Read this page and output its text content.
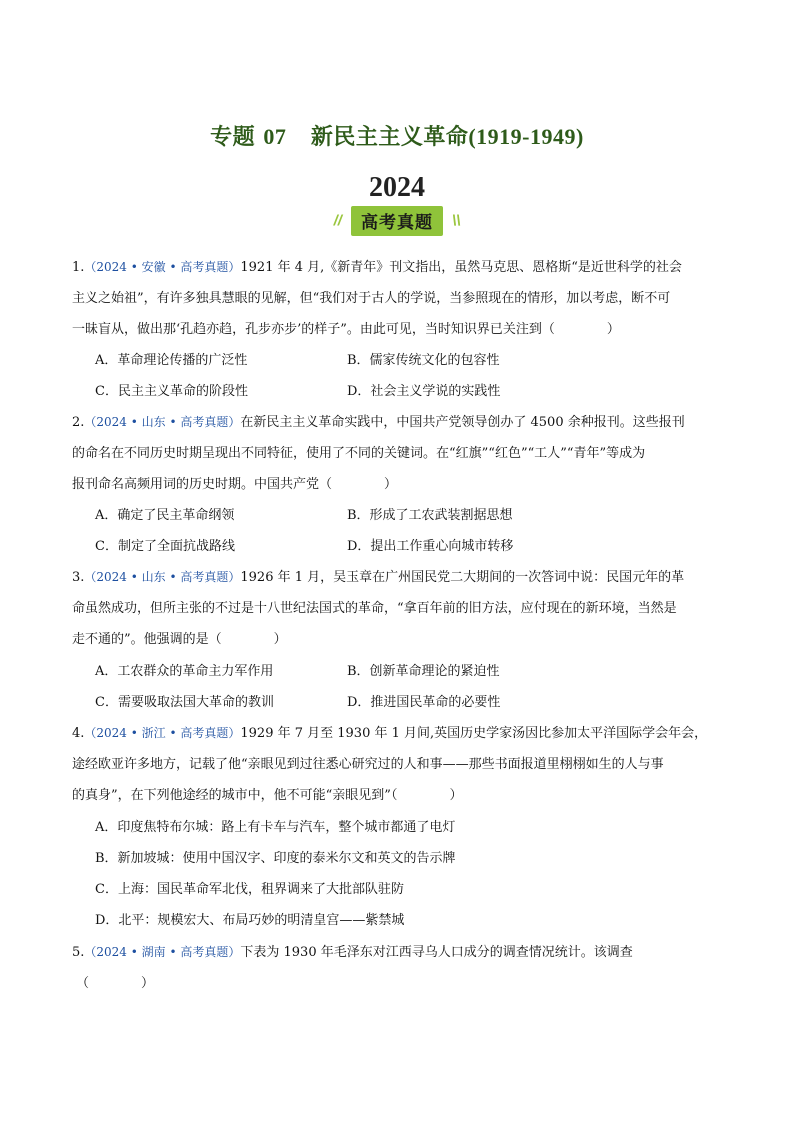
专题 07 新民主主义革命(1919-1949)
2024
// 高考真题 \\
1.（2024 • 安徽 • 高考真题）1921 年 4 月,《新青年》刊文指出，虽然马克思、恩格斯“是近世科学的社会
主义之始祖”，有许多独具慧眼的见解，但“我们对于古人的学说，当参照现在的情形，加以考虑，断不可
一昧盲从，做出那‘孔趋亦趋，孔步亦步’的样子”。由此可见，当时知识界已关注到（　　　　）
A．革命理论传播的广泛性	B．儒家传统文化的包容性
C．民主主义革命的阶段性	D．社会主义学说的实践性
2.（2024 • 山东 • 高考真题）在新民主主义革命实践中，中国共产党领导创办了 4500 余种报刊。这些报刊
的命名在不同历史时期呈现出不同特征，使用了不同的关键词。在“红旗”“红色”“工人”“青年”等成为
报刊命名高频用词的历史时期。中国共产党（　　　　）
A．确定了民主革命纲领	B．形成了工农武装割据思想
C．制定了全面抗战路线	D．提出工作重心向城市转移
3.（2024 • 山东 • 高考真题）1926 年 1 月，吴玉章在广州国民党二大期间的一次答词中说：民国元年的革
命虽然成功，但所主张的不过是十八世纪法国式的革命，“拿百年前的旧方法，应付现在的新环境，当然是
走不通的”。他强调的是（　　　　）
A．工农群众的革命主力军作用	B．创新革命理论的紧迫性
C．需要吸取法国大革命的教训	D．推进国民革命的必要性
4.（2024 • 浙江 • 高考真题）1929 年 7 月至 1930 年 1 月间,英国历史学家汤因比参加太平洋国际学会年会，
途经欧亚许多地方，记载了他“亲眼见到过往悉心研究过的人和事——那些书面报道里栩栩如生的人与事
的真身”，在下列他途经的城市中，他不可能“亲眼见到”（　　　　）
A．印度焦特布尔城：路上有卡车与汽车，整个城市都通了电灯
B．新加坡城：使用中国汉字、印度的泰米尔文和英文的告示牌
C．上海：国民革命军北伐，租界调来了大批部队驻防
D．北平：规模宏大、布局巧妙的明清皇宫——紫禁城
5.（2024 • 湖南 • 高考真题）下表为 1930 年毛泽东对江西寻乌人口成分的调查情况统计。该调查
（　　　　）
